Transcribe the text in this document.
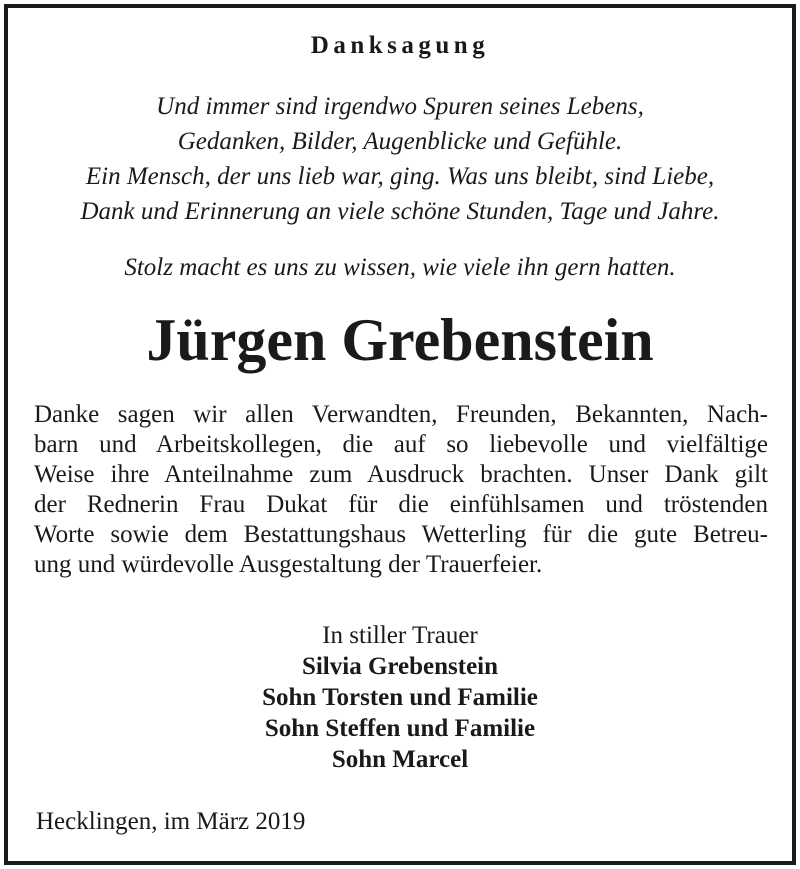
Danksagung
Und immer sind irgendwo Spuren seines Lebens,
Gedanken, Bilder, Augenblicke und Gefühle.
Ein Mensch, der uns lieb war, ging. Was uns bleibt, sind Liebe,
Dank und Erinnerung an viele schöne Stunden, Tage und Jahre.
Stolz macht es uns zu wissen, wie viele ihn gern hatten.
Jürgen Grebenstein
Danke sagen wir allen Verwandten, Freunden, Bekannten, Nach-
barn und Arbeitskollegen, die auf so liebevolle und vielfältige
Weise ihre Anteilnahme zum Ausdruck brachten. Unser Dank gilt
der Rednerin Frau Dukat für die einfühlsamen und tröstenden
Worte sowie dem Bestattungshaus Wetterling für die gute Betreu-
ung und würdevolle Ausgestaltung der Trauerfeier.
In stiller Trauer
Silvia Grebenstein
Sohn Torsten und Familie
Sohn Steffen und Familie
Sohn Marcel
Hecklingen, im März 2019
